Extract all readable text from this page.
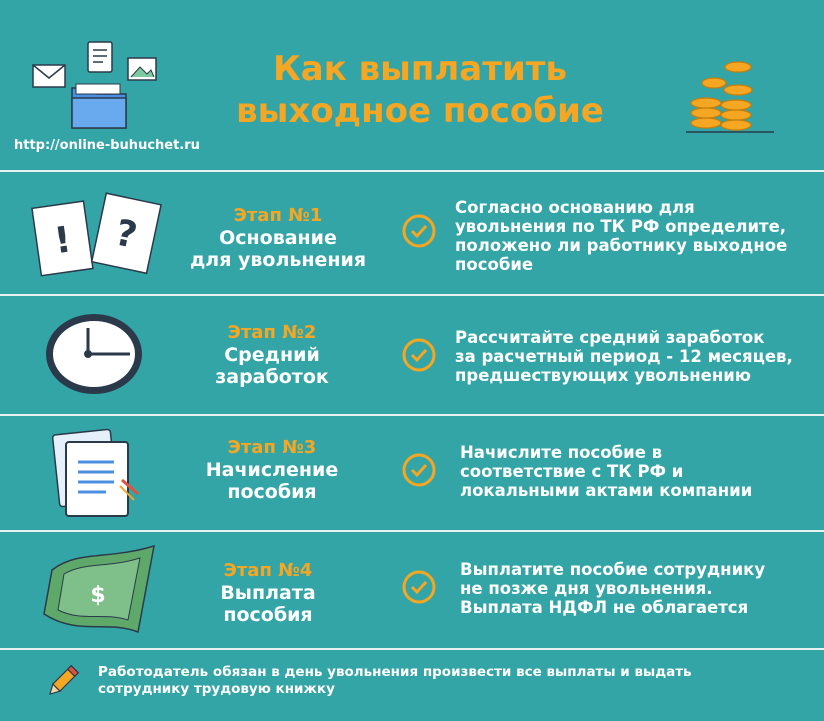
Как выплатить
выходное пособие
http://online-buhuchet.ru
! ?	Этап №1
Основание
для увольнения
Согласно основанию для
увольнения по ТК РФ определите,
положено ли работнику выходное
пособие
Этап №2
Средний
заработок
Рассчитайте средний заработок
за расчетный период - 12 месяцев,
предшествующих увольнению
Этап №3
Начисление
пособия
Начислите пособие в
соответствие с ТК РФ и
локальными актами компании
$
Этап №4
Выплата
пособия
Выплатите пособие сотруднику
не позже дня увольнения.
Выплата НДФЛ не облагается
Работодатель обязан в день увольнения произвести все выплаты и выдать
сотруднику трудовую книжку
